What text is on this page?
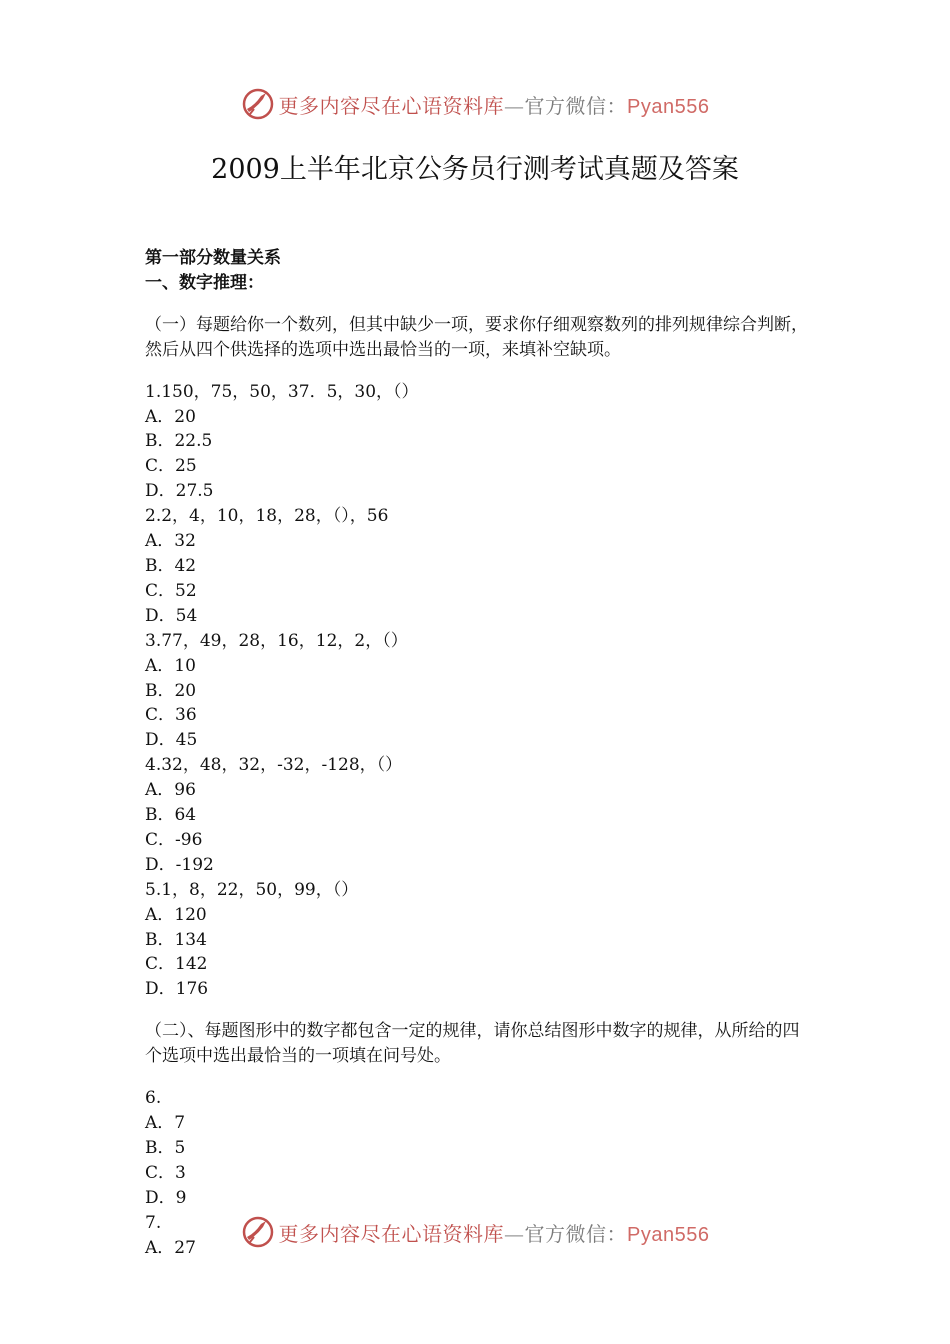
更多内容尽在心语资料库—官方微信：Pyan556
2009上半年北京公务员行测考试真题及答案

第一部分数量关系

一、数字推理：

（一）每题给你一个数列，但其中缺少一项，要求你仔细观察数列的排列规律综合判断，然后从四个供选择的选项中选出最恰当的一项，来填补空缺项。

1.150，75，50，37．5，30，（）

A．20

B．22.5

C．25

D．27.5

2.2，4，10，18，28，（），56

A．32

B．42

C．52

D．54

3.77，49，28，16，12，2，（）

A．10

B．20

C．36

D．45

4.32，48，32，-32，-128，（）

A．96

B．64

C．-96

D．-192

5.1，8，22，50，99，（）

A．120

B．134

C．142

D．176

（二）、每题图形中的数字都包含一定的规律，请你总结图形中数字的规律，从所给的四个选项中选出最恰当的一项填在问号处。

6.

A．7

B．5

C．3

D．9

7.

A．27

更多内容尽在心语资料库—官方微信：Pyan556
